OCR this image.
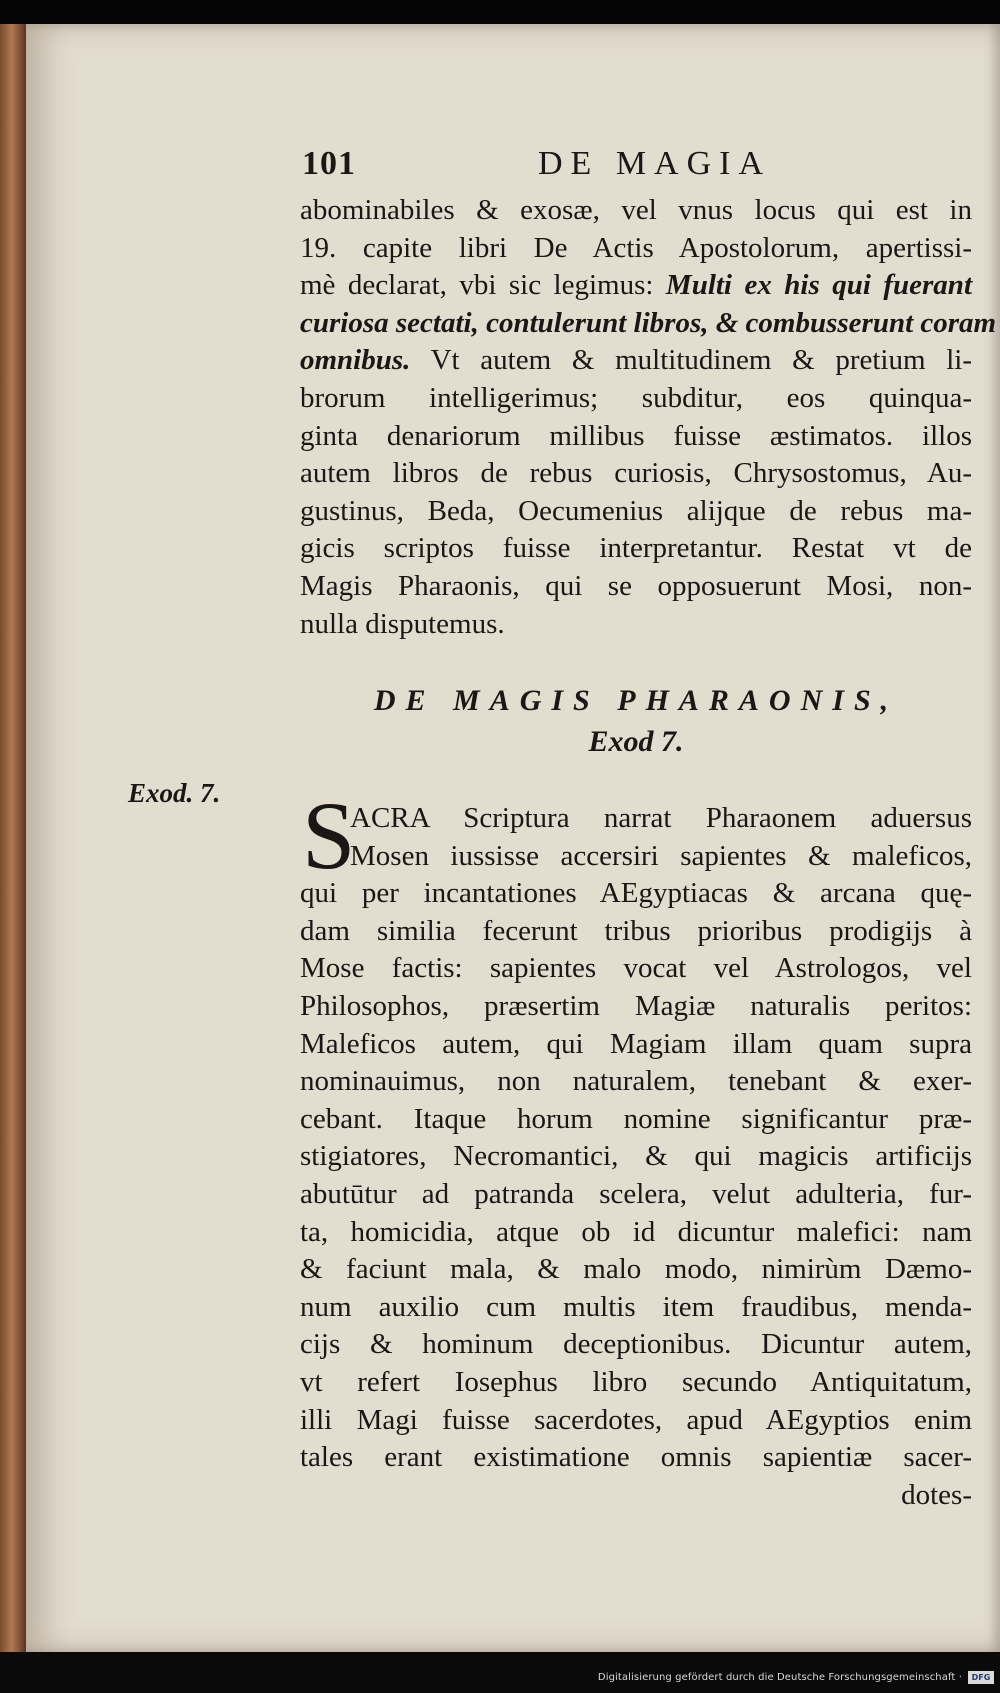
101	DE MAGIA
abominabiles & exosæ, vel vnus locus qui est in
19. capite libri De Actis Apostolorum, apertissi-
mè declarat, vbi sic legimus: Multi ex his qui fuerant
curiosa sectati, contulerunt libros, & combusserunt coram
omnibus. Vt autem & multitudinem & pretium li-
brorum intelligerimus; subditur, eos quinqua-
ginta denariorum millibus fuisse æstimatos. illos
autem libros de rebus curiosis, Chrysostomus, Au-
gustinus, Beda, Oecumenius alijque de rebus ma-
gicis scriptos fuisse interpretantur. Restat vt de
Magis Pharaonis, qui se opposuerunt Mosi, non-
nulla disputemus.
DE MAGIS PHARAONIS,
Exod 7.
Exod. 7. S
ACRA Scriptura narrat Pharaonem aduersus
Mosen iussisse accersiri sapientes & maleficos,
qui per incantationes AEgyptiacas & arcana quę-
dam similia fecerunt tribus prioribus prodigijs à
Mose factis: sapientes vocat vel Astrologos, vel
Philosophos, præsertim Magiæ naturalis peritos:
Maleficos autem, qui Magiam illam quam supra
nominauimus, non naturalem, tenebant & exer-
cebant. Itaque horum nomine significantur præ-
stigiatores, Necromantici, & qui magicis artificijs
abutūtur ad patranda scelera, velut adulteria, fur-
ta, homicidia, atque ob id dicuntur malefici: nam
& faciunt mala, & malo modo, nimirùm Dæmo-
num auxilio cum multis item fraudibus, menda-
cijs & hominum deceptionibus. Dicuntur autem,
vt refert Iosephus libro secundo Antiquitatum,
illi Magi fuisse sacerdotes, apud AEgyptios enim
tales erant existimatione omnis sapientiæ sacer-
dotes-
Digitalisierung gefördert durch die Deutsche Forschungsgemeinschaft ·	DFG
